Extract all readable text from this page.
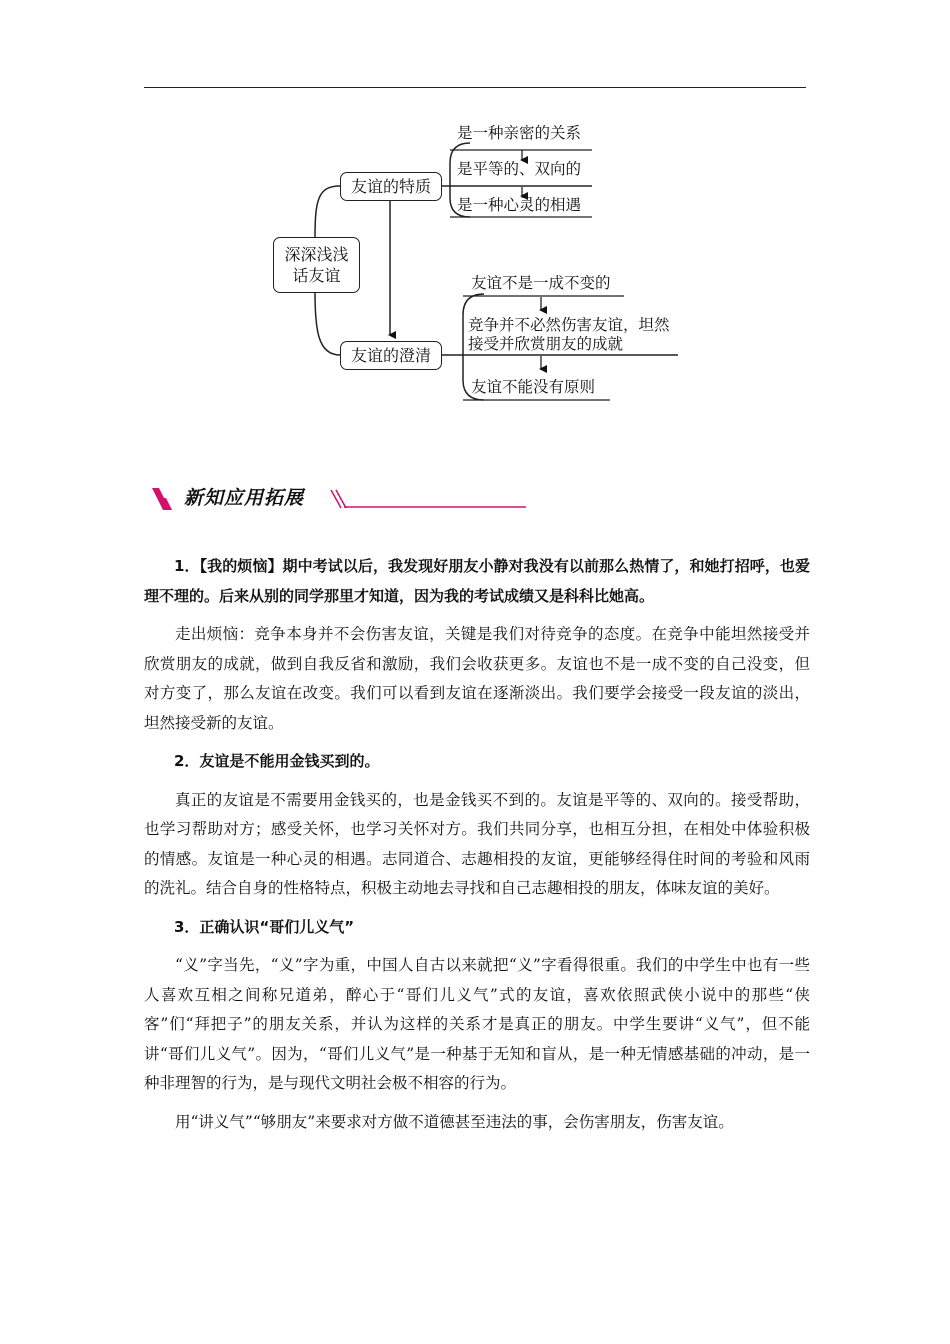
深深浅浅话友谊
友谊的特质
友谊的澄清
是一种亲密的关系
是平等的、双向的
是一种心灵的相遇
友谊不是一成不变的
竞争并不必然伤害友谊，坦然接受并欣赏朋友的成就
友谊不能没有原则
新知应用拓展

1．【我的烦恼】期中考试以后，我发现好朋友小静对我没有以前那么热情了，和她打招呼，也爱理不理的。后来从别的同学那里才知道，因为我的考试成绩又是科科比她高。

走出烦恼：竞争本身并不会伤害友谊，关键是我们对待竞争的态度。在竞争中能坦然接受并欣赏朋友的成就，做到自我反省和激励，我们会收获更多。友谊也不是一成不变的自己没变，但对方变了，那么友谊在改变。我们可以看到友谊在逐渐淡出。我们要学会接受一段友谊的淡出，坦然接受新的友谊。

2．友谊是不能用金钱买到的。

真正的友谊是不需要用金钱买的，也是金钱买不到的。友谊是平等的、双向的。接受帮助，也学习帮助对方；感受关怀，也学习关怀对方。我们共同分享，也相互分担，在相处中体验积极的情感。友谊是一种心灵的相遇。志同道合、志趣相投的友谊，更能够经得住时间的考验和风雨的洗礼。结合自身的性格特点，积极主动地去寻找和自己志趣相投的朋友，体味友谊的美好。

3．正确认识“哥们儿义气”

“义”字当先，“义”字为重，中国人自古以来就把“义”字看得很重。我们的中学生中也有一些人喜欢互相之间称兄道弟，醉心于“哥们儿义气”式的友谊，喜欢依照武侠小说中的那些“侠客”们“拜把子”的朋友关系，并认为这样的关系才是真正的朋友。中学生要讲“义气”，但不能讲“哥们儿义气”。因为，“哥们儿义气”是一种基于无知和盲从，是一种无情感基础的冲动，是一种非理智的行为，是与现代文明社会极不相容的行为。

用“讲义气”“够朋友”来要求对方做不道德甚至违法的事，会伤害朋友，伤害友谊。
